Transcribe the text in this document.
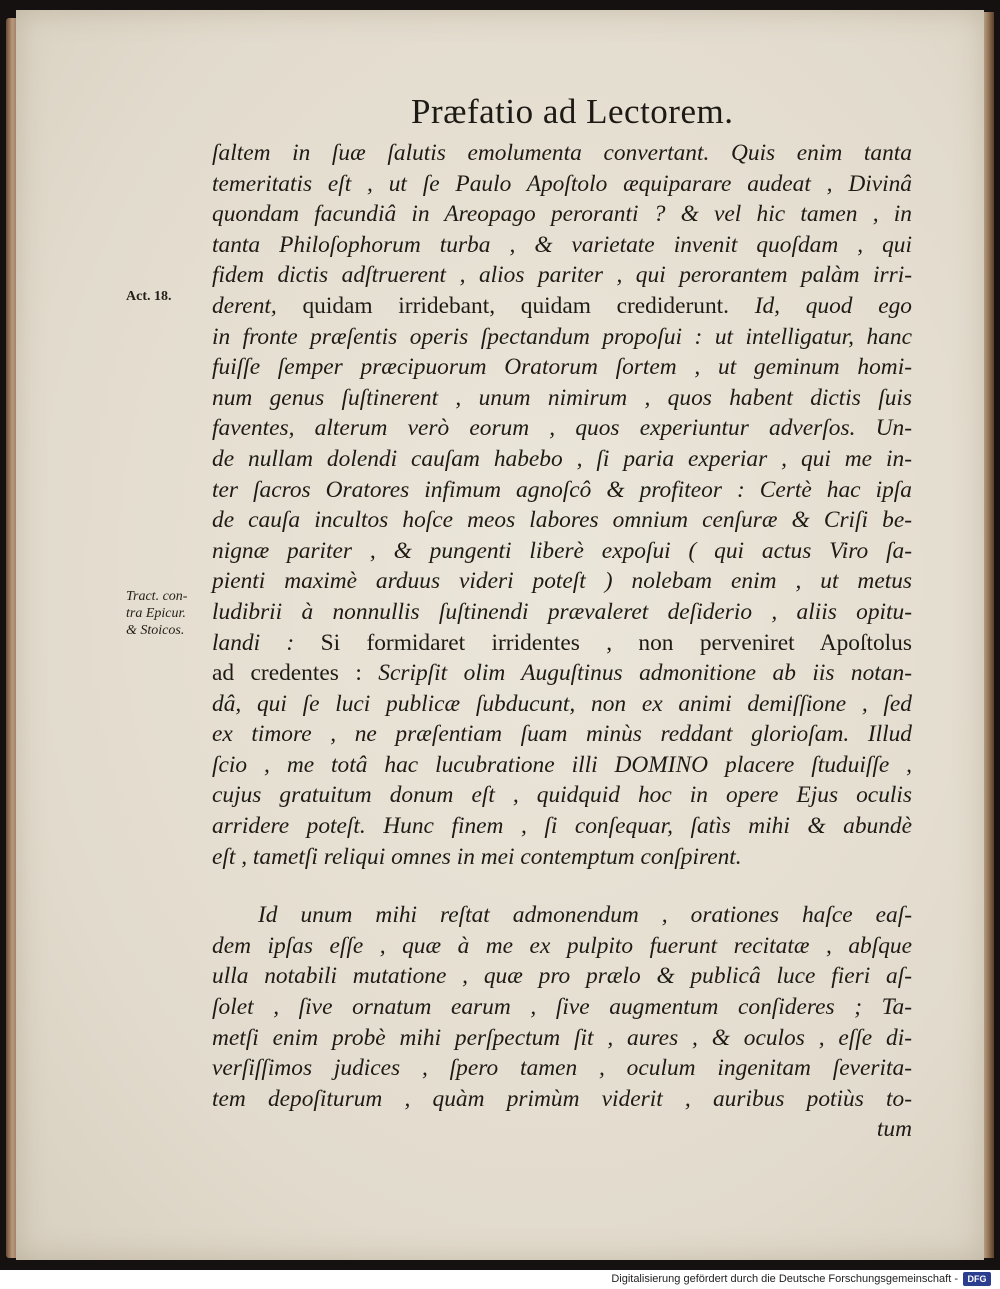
Præfatio ad Lectorem.
Act. 18.
Tract. con-
tra Epicur.
& Stoicos.
ſaltem in ſuæ ſalutis emolumenta convertant. Quis enim tanta
temeritatis eſt , ut ſe Paulo Apoſtolo æquiparare audeat , Divinâ
quondam facundiâ in Areopago peroranti ? & vel hic tamen , in
tanta Philoſophorum turba , & varietate invenit quoſdam , qui
fidem dictis adſtruerent , alios pariter , qui perorantem palàm irri-
derent, quidam irridebant, quidam crediderunt. Id, quod ego
in fronte præſentis operis ſpectandum propoſui : ut intelligatur, hanc
fuiſſe ſemper præcipuorum Oratorum ſortem , ut geminum homi-
num genus ſuſtinerent , unum nimirum , quos habent dictis ſuis
faventes, alterum verò eorum , quos experiuntur adverſos. Un-
de nullam dolendi cauſam habebo , ſi paria experiar , qui me in-
ter ſacros Oratores infimum agnoſcô & profiteor : Certè hac ipſa
de cauſa incultos hoſce meos labores omnium cenſuræ & Criſi be-
nignæ pariter , & pungenti liberè expoſui ( qui actus Viro ſa-
pienti maximè arduus videri poteſt ) nolebam enim , ut metus
ludibrii à nonnullis ſuſtinendi prævaleret deſiderio , aliis opitu-
landi : Si formidaret irridentes , non perveniret Apoſtolus
ad credentes : Scripſit olim Auguſtinus admonitione ab iis notan-
dâ, qui ſe luci publicæ ſubducunt, non ex animi demiſſione , ſed
ex timore , ne præſentiam ſuam minùs reddant glorioſam. Illud
ſcio , me totâ hac lucubratione illi DOMINO placere ſtuduiſſe ,
cujus gratuitum donum eſt , quidquid hoc in opere Ejus oculis
arridere poteſt. Hunc finem , ſi conſequar, ſatìs mihi & abundè
eſt , tametſi reliqui omnes in mei contemptum conſpirent.
Id unum mihi reſtat admonendum , orationes haſce eaſ-
dem ipſas eſſe , quæ à me ex pulpito fuerunt recitatæ , abſque
ulla notabili mutatione , quæ pro prælo & publicâ luce fieri aſ-
ſolet , ſive ornatum earum , ſive augmentum conſideres ; Ta-
metſi enim probè mihi perſpectum ſit , aures , & oculos , eſſe di-
verſiſſimos judices , ſpero tamen , oculum ingenitam ſeverita-
tem depoſiturum , quàm primùm viderit , auribus potiùs to-
tum
Digitalisierung gefördert durch die Deutsche Forschungsgemeinschaft -	DFG
